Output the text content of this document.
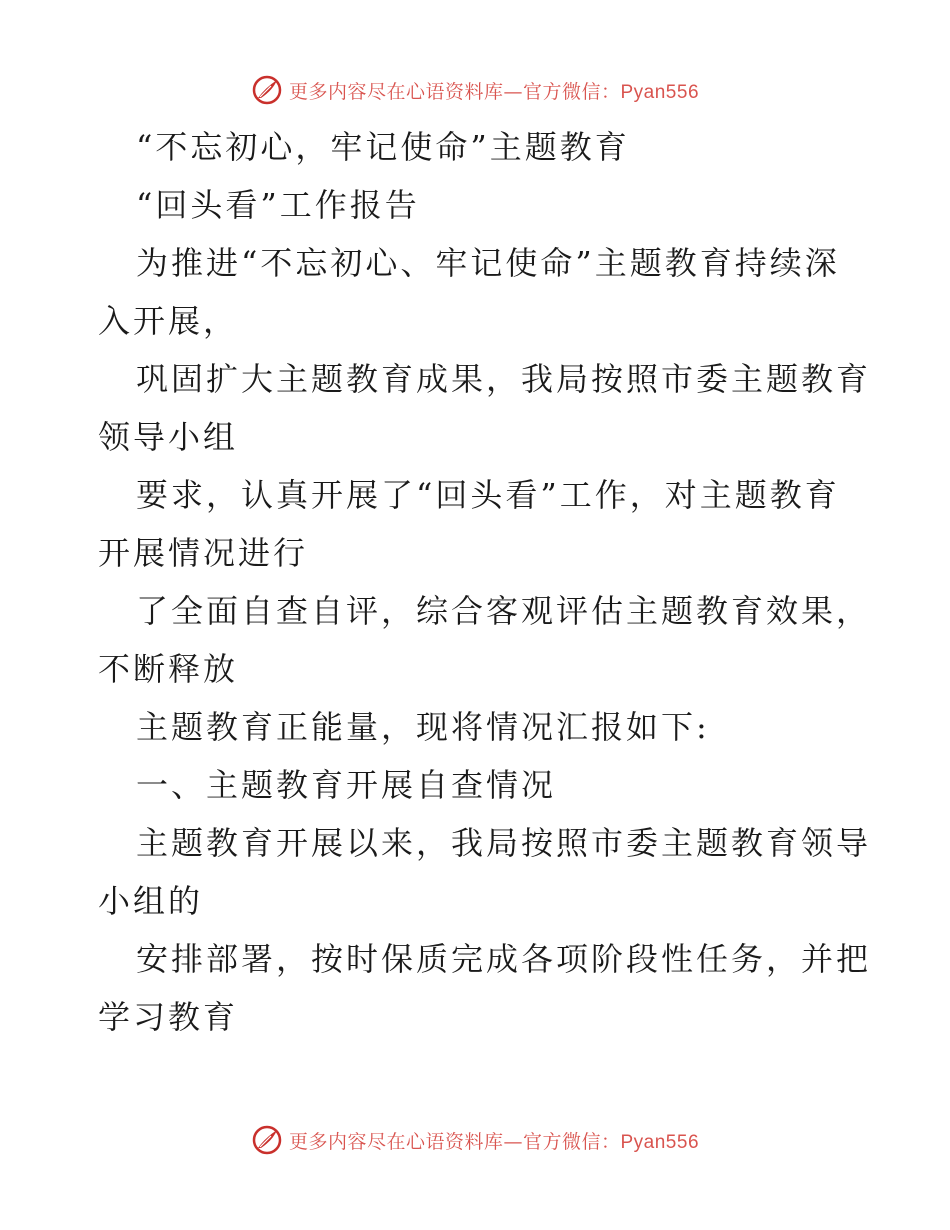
更多内容尽在心语资料库—官方微信：Pyan556
“不忘初心，牢记使命”主题教育
“回头看”工作报告
为推进“不忘初心、牢记使命”主题教育持续深
入开展，
巩固扩大主题教育成果，我局按照市委主题教育
领导小组
要求，认真开展了“回头看”工作，对主题教育
开展情况进行
了全面自查自评，综合客观评估主题教育效果，
不断释放
主题教育正能量，现将情况汇报如下:
一、主题教育开展自查情况
主题教育开展以来，我局按照市委主题教育领导
小组的
安排部署，按时保质完成各项阶段性任务，并把
学习教育
更多内容尽在心语资料库—官方微信：Pyan556
